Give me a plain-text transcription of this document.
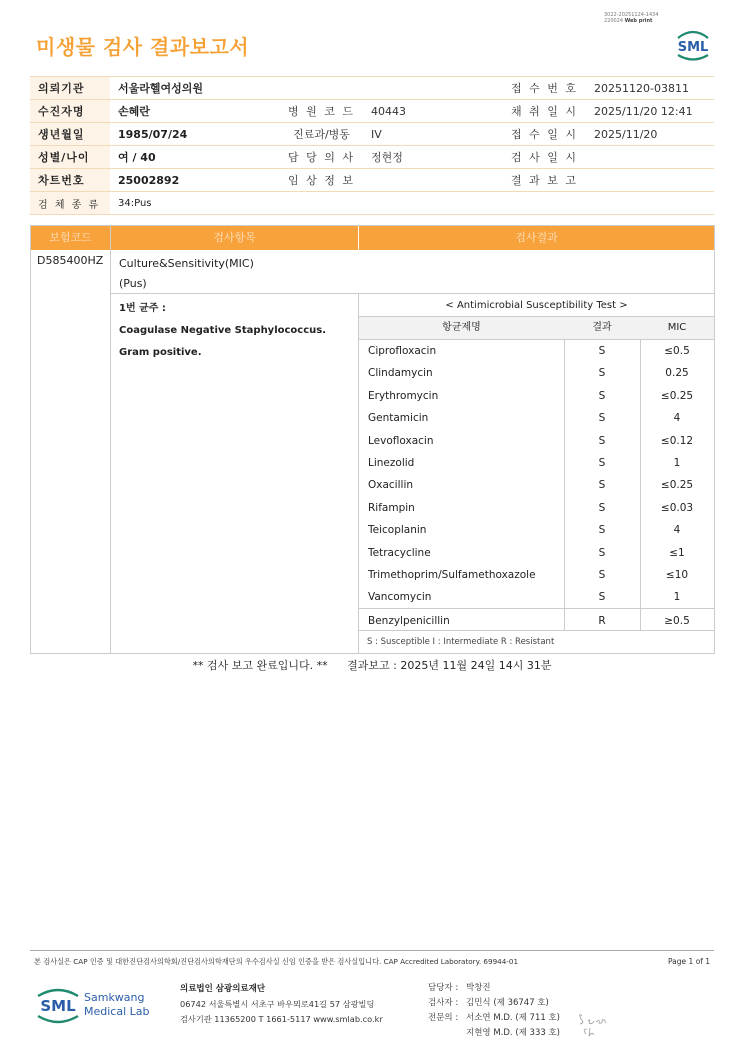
3022-20251124-1434
220024 Web print
SML
미생물 검사 결과보고서
의뢰기관	서울라헬여성의원			접 수 번 호	20251120-03811
수진자명	손혜란	병 원 코 드	40443	채 취 일 시	2025/11/20 12:41
생년월일	1985/07/24	진료과/병동	IV	접 수 일 시	2025/11/20
성별/나이	여 / 40	담 당 의 사	정현정	검 사 일 시	
차트번호	25002892	임 상 정 보		결 과 보 고	
검 체 종 류	34:Pus				
보험코드	검사항목	검사결과
D585400HZ Culture&Sensitivity(MIC)
(Pus)
1번 균주 :
Coagulase Negative Staphylococcus.
Gram positive.
< Antimicrobial Susceptibility Test >
항균제명	결과	MIC
Ciprofloxacin	S	≤0.5
Clindamycin	S	0.25
Erythromycin	S	≤0.25
Gentamicin	S	4
Levofloxacin	S	≤0.12
Linezolid	S	1
Oxacillin	S	≤0.25
Rifampin	S	≤0.03
Teicoplanin	S	4
Tetracycline	S	≤1
Trimethoprim/Sulfamethoxazole	S	≤10
Vancomycin	S	1
Benzylpenicillin	R	≥0.5
S : Susceptible I : Intermediate R : Resistant
** 검사 보고 완료입니다. ** 결과보고 : 2025년 11월 24일 14시 31분
본 검사실은 CAP 인증 및 대한진단검사의학회/진단검사의학재단의 우수검사실 신임 인증을 받은 검사실입니다. CAP Accredited Laboratory. 69944-01	Page 1 of 1
SML Samkwang
Medical Lab
의료법인 삼광의료재단
06742 서울특별시 서초구 바우뫼로41길 57 삼광빌딩
검사기관 11365200 T 1661-5117 www.smlab.co.kr
담당자 : 박창진
검사자 : 김민식 (제 36747 호)
전문의 : 서소연 M.D. (제 711 호)
지현영 M.D. (제 333 호)
